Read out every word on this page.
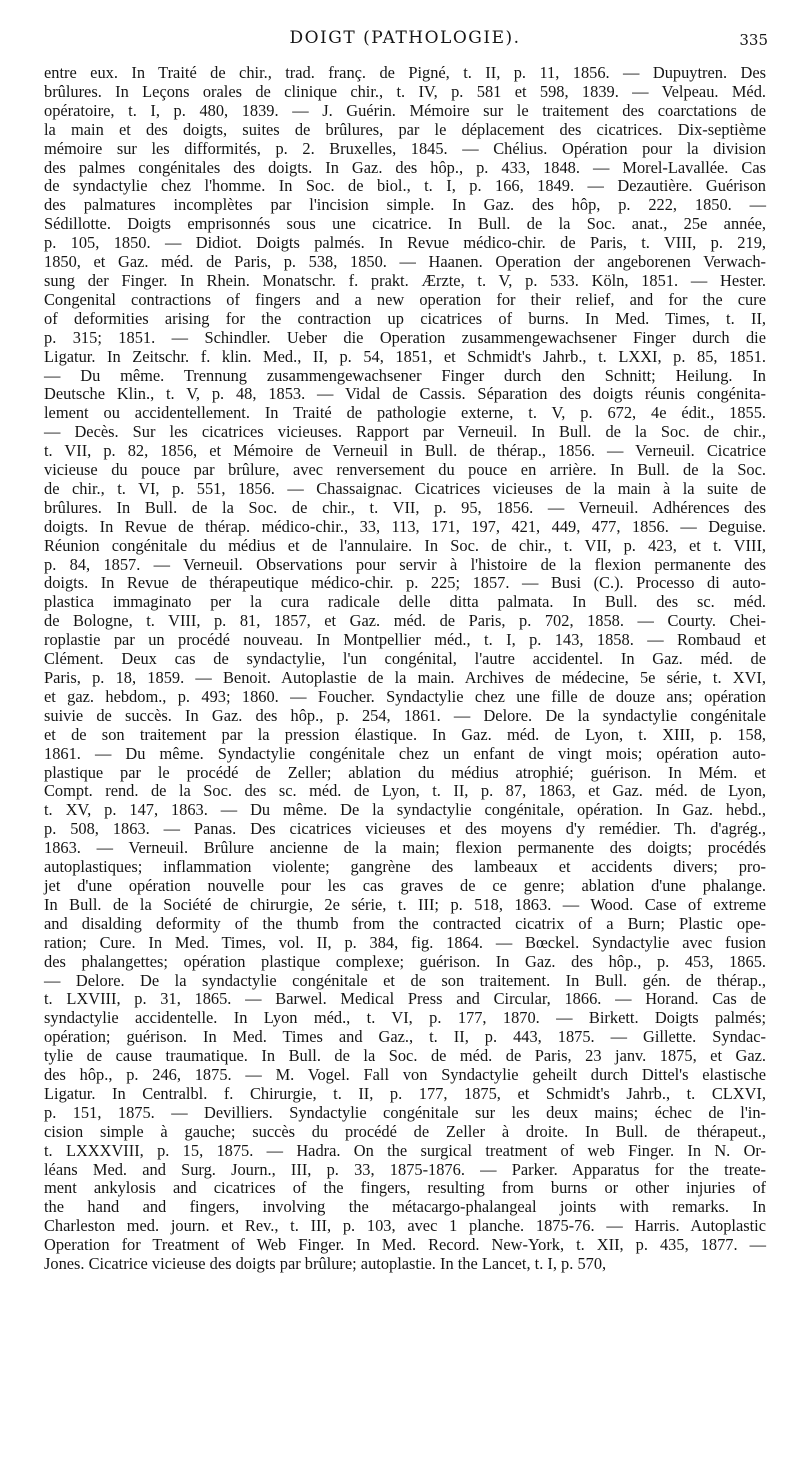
DOIGT (PATHOLOGIE).	335
entre eux. In Traité de chir., trad. franç. de Pigné, t. II, p. 11, 1856. — Dupuytren. Des
brûlures. In Leçons orales de clinique chir., t. IV, p. 581 et 598, 1839. — Velpeau. Méd.
opératoire, t. I, p. 480, 1839. — J. Guérin. Mémoire sur le traitement des coarctations de
la main et des doigts, suites de brûlures, par le déplacement des cicatrices. Dix-septième
mémoire sur les difformités, p. 2. Bruxelles, 1845. — Chélius. Opération pour la division
des palmes congénitales des doigts. In Gaz. des hôp., p. 433, 1848. — Morel-Lavallée. Cas
de syndactylie chez l'homme. In Soc. de biol., t. I, p. 166, 1849. — Dezautière. Guérison
des palmatures incomplètes par l'incision simple. In Gaz. des hôp, p. 222, 1850. —
Sédillotte. Doigts emprisonnés sous une cicatrice. In Bull. de la Soc. anat., 25e année,
p. 105, 1850. — Didiot. Doigts palmés. In Revue médico-chir. de Paris, t. VIII, p. 219,
1850, et Gaz. méd. de Paris, p. 538, 1850. — Haanen. Operation der angeborenen Verwach-
sung der Finger. In Rhein. Monatschr. f. prakt. Ærzte, t. V, p. 533. Köln, 1851. — Hester.
Congenital contractions of fingers and a new operation for their relief, and for the cure
of deformities arising for the contraction up cicatrices of burns. In Med. Times, t. II,
p. 315; 1851. — Schindler. Ueber die Operation zusammengewachsener Finger durch die
Ligatur. In Zeitschr. f. klin. Med., II, p. 54, 1851, et Schmidt's Jahrb., t. LXXI, p. 85, 1851.
— Du même. Trennung zusammengewachsener Finger durch den Schnitt; Heilung. In
Deutsche Klin., t. V, p. 48, 1853. — Vidal de Cassis. Séparation des doigts réunis congénita-
lement ou accidentellement. In Traité de pathologie externe, t. V, p. 672, 4e édit., 1855.
— Decès. Sur les cicatrices vicieuses. Rapport par Verneuil. In Bull. de la Soc. de chir.,
t. VII, p. 82, 1856, et Mémoire de Verneuil in Bull. de thérap., 1856. — Verneuil. Cicatrice
vicieuse du pouce par brûlure, avec renversement du pouce en arrière. In Bull. de la Soc.
de chir., t. VI, p. 551, 1856. — Chassaignac. Cicatrices vicieuses de la main à la suite de
brûlures. In Bull. de la Soc. de chir., t. VII, p. 95, 1856. — Verneuil. Adhérences des
doigts. In Revue de thérap. médico-chir., 33, 113, 171, 197, 421, 449, 477, 1856. — Deguise.
Réunion congénitale du médius et de l'annulaire. In Soc. de chir., t. VII, p. 423, et t. VIII,
p. 84, 1857. — Verneuil. Observations pour servir à l'histoire de la flexion permanente des
doigts. In Revue de thérapeutique médico-chir. p. 225; 1857. — Busi (C.). Processo di auto-
plastica immaginato per la cura radicale delle ditta palmata. In Bull. des sc. méd.
de Bologne, t. VIII, p. 81, 1857, et Gaz. méd. de Paris, p. 702, 1858. — Courty. Chei-
roplastie par un procédé nouveau. In Montpellier méd., t. I, p. 143, 1858. — Rombaud et
Clément. Deux cas de syndactylie, l'un congénital, l'autre accidentel. In Gaz. méd. de
Paris, p. 18, 1859. — Benoit. Autoplastie de la main. Archives de médecine, 5e série, t. XVI,
et gaz. hebdom., p. 493; 1860. — Foucher. Syndactylie chez une fille de douze ans; opération
suivie de succès. In Gaz. des hôp., p. 254, 1861. — Delore. De la syndactylie congénitale
et de son traitement par la pression élastique. In Gaz. méd. de Lyon, t. XIII, p. 158,
1861. — Du même. Syndactylie congénitale chez un enfant de vingt mois; opération auto-
plastique par le procédé de Zeller; ablation du médius atrophié; guérison. In Mém. et
Compt. rend. de la Soc. des sc. méd. de Lyon, t. II, p. 87, 1863, et Gaz. méd. de Lyon,
t. XV, p. 147, 1863. — Du même. De la syndactylie congénitale, opération. In Gaz. hebd.,
p. 508, 1863. — Panas. Des cicatrices vicieuses et des moyens d'y remédier. Th. d'agrég.,
1863. — Verneuil. Brûlure ancienne de la main; flexion permanente des doigts; procédés
autoplastiques; inflammation violente; gangrène des lambeaux et accidents divers; pro-
jet d'une opération nouvelle pour les cas graves de ce genre; ablation d'une phalange.
In Bull. de la Société de chirurgie, 2e série, t. III; p. 518, 1863. — Wood. Case of extreme
and disalding deformity of the thumb from the contracted cicatrix of a Burn; Plastic ope-
ration; Cure. In Med. Times, vol. II, p. 384, fig. 1864. — Bœckel. Syndactylie avec fusion
des phalangettes; opération plastique complexe; guérison. In Gaz. des hôp., p. 453, 1865.
— Delore. De la syndactylie congénitale et de son traitement. In Bull. gén. de thérap.,
t. LXVIII, p. 31, 1865. — Barwel. Medical Press and Circular, 1866. — Horand. Cas de
syndactylie accidentelle. In Lyon méd., t. VI, p. 177, 1870. — Birkett. Doigts palmés;
opération; guérison. In Med. Times and Gaz., t. II, p. 443, 1875. — Gillette. Syndac-
tylie de cause traumatique. In Bull. de la Soc. de méd. de Paris, 23 janv. 1875, et Gaz.
des hôp., p. 246, 1875. — M. Vogel. Fall von Syndactylie geheilt durch Dittel's elastische
Ligatur. In Centralbl. f. Chirurgie, t. II, p. 177, 1875, et Schmidt's Jahrb., t. CLXVI,
p. 151, 1875. — Devilliers. Syndactylie congénitale sur les deux mains; échec de l'in-
cision simple à gauche; succès du procédé de Zeller à droite. In Bull. de thérapeut.,
t. LXXXVIII, p. 15, 1875. — Hadra. On the surgical treatment of web Finger. In N. Or-
léans Med. and Surg. Journ., III, p. 33, 1875-1876. — Parker. Apparatus for the treate-
ment ankylosis and cicatrices of the fingers, resulting from burns or other injuries of
the hand and fingers, involving the métacargo-phalangeal joints with remarks. In
Charleston med. journ. et Rev., t. III, p. 103, avec 1 planche. 1875-76. — Harris. Autoplastic
Operation for Treatment of Web Finger. In Med. Record. New-York, t. XII, p. 435, 1877. —
Jones. Cicatrice vicieuse des doigts par brûlure; autoplastie. In the Lancet, t. I, p. 570,
